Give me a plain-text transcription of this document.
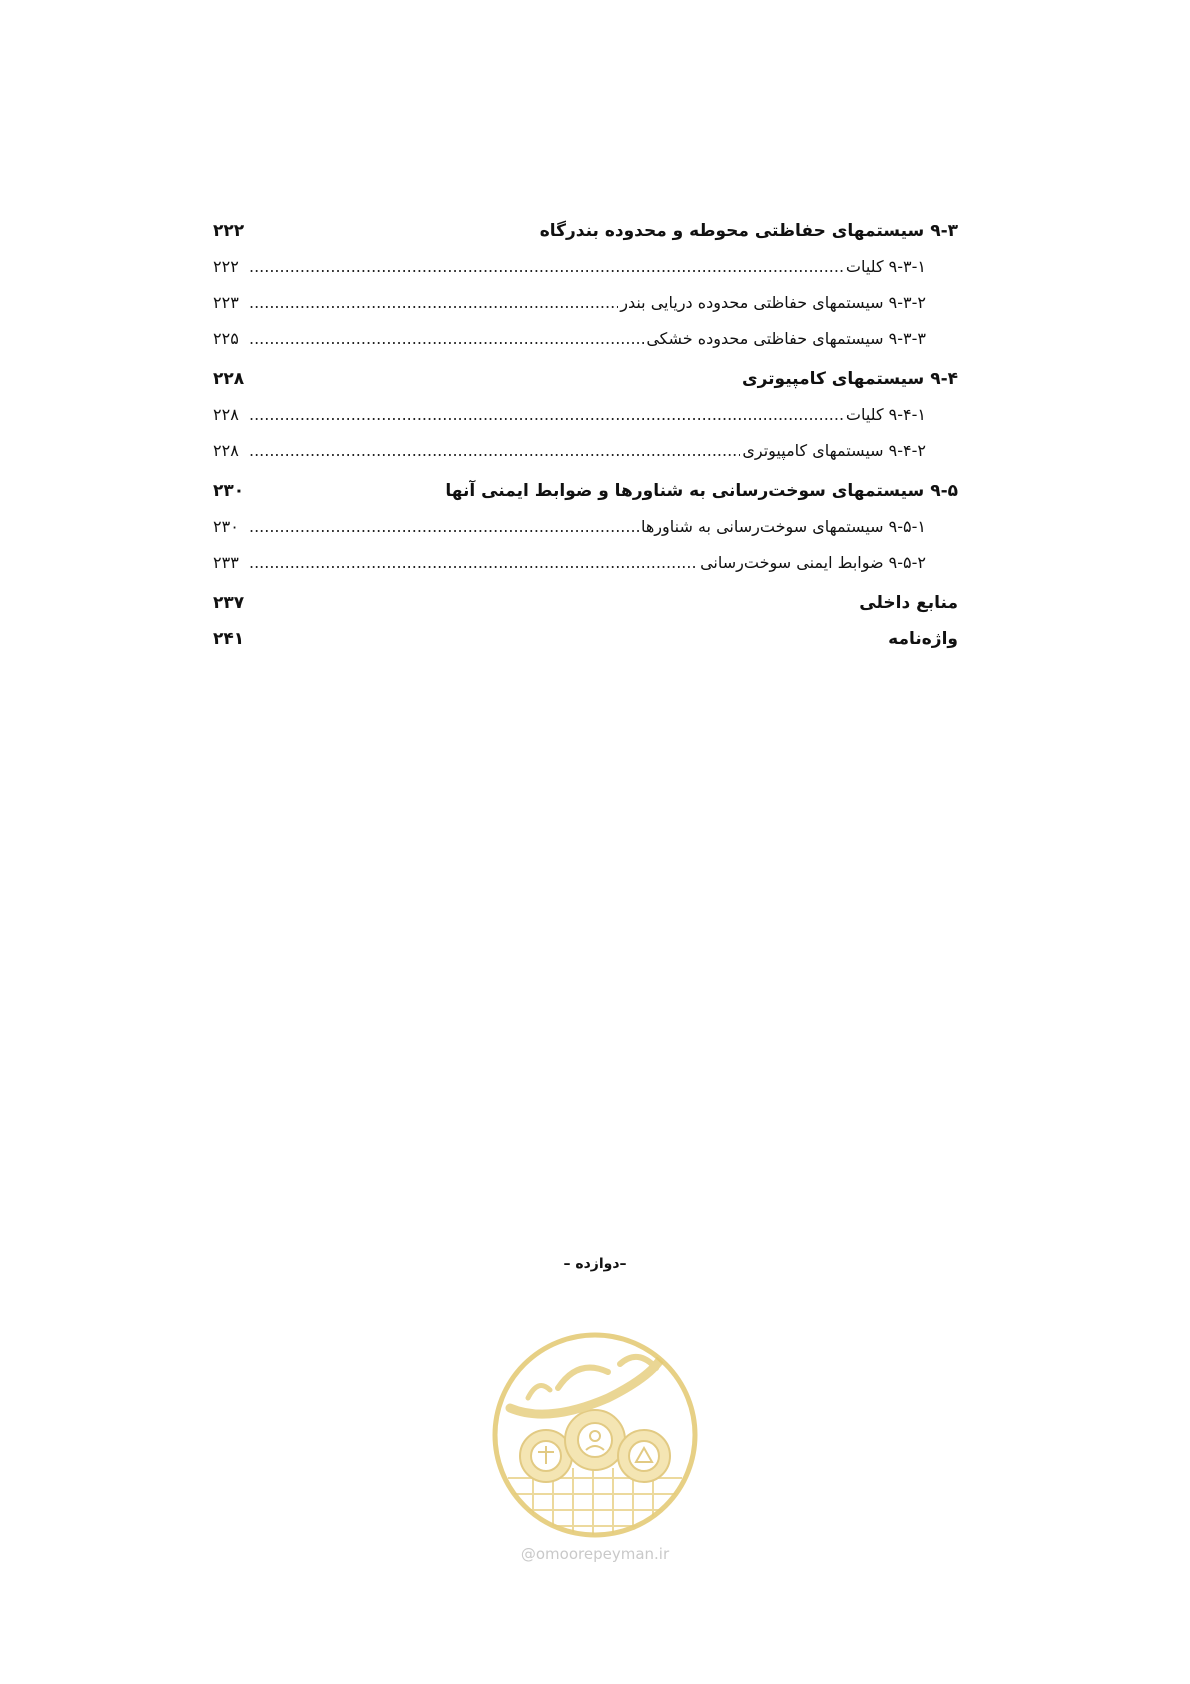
۹-۳ سیستمهای حفاظتی محوطه و محدوده بندرگاه
۲۲۲
۹-۳-۱ کلیات
.....
۲۲۲
۹-۳-۲ سیستمهای حفاظتی محدوده دریایی بندر
.....
۲۲۳
۹-۳-۳ سیستمهای حفاظتی محدوده خشکی
.....
۲۲۵
۹-۴ سیستمهای کامپیوتری
۲۲۸
۹-۴-۱ کلیات
.....
۲۲۸
۹-۴-۲ سیستمهای کامپیوتری
.....
۲۲۸
۹-۵ سیستمهای سوخت‌رسانی به شناورها و ضوابط ایمنی آنها
۲۳۰
۹-۵-۱ سیستمهای سوخت‌رسانی به شناورها
.....
۲۳۰
۹-۵-۲ ضوابط ایمنی سوخت‌رسانی
.....
۲۳۳
منابع داخلی
۲۳۷
واژه‌نامه
۲۴۱
– دوازده–
@omoorepeyman.ir
